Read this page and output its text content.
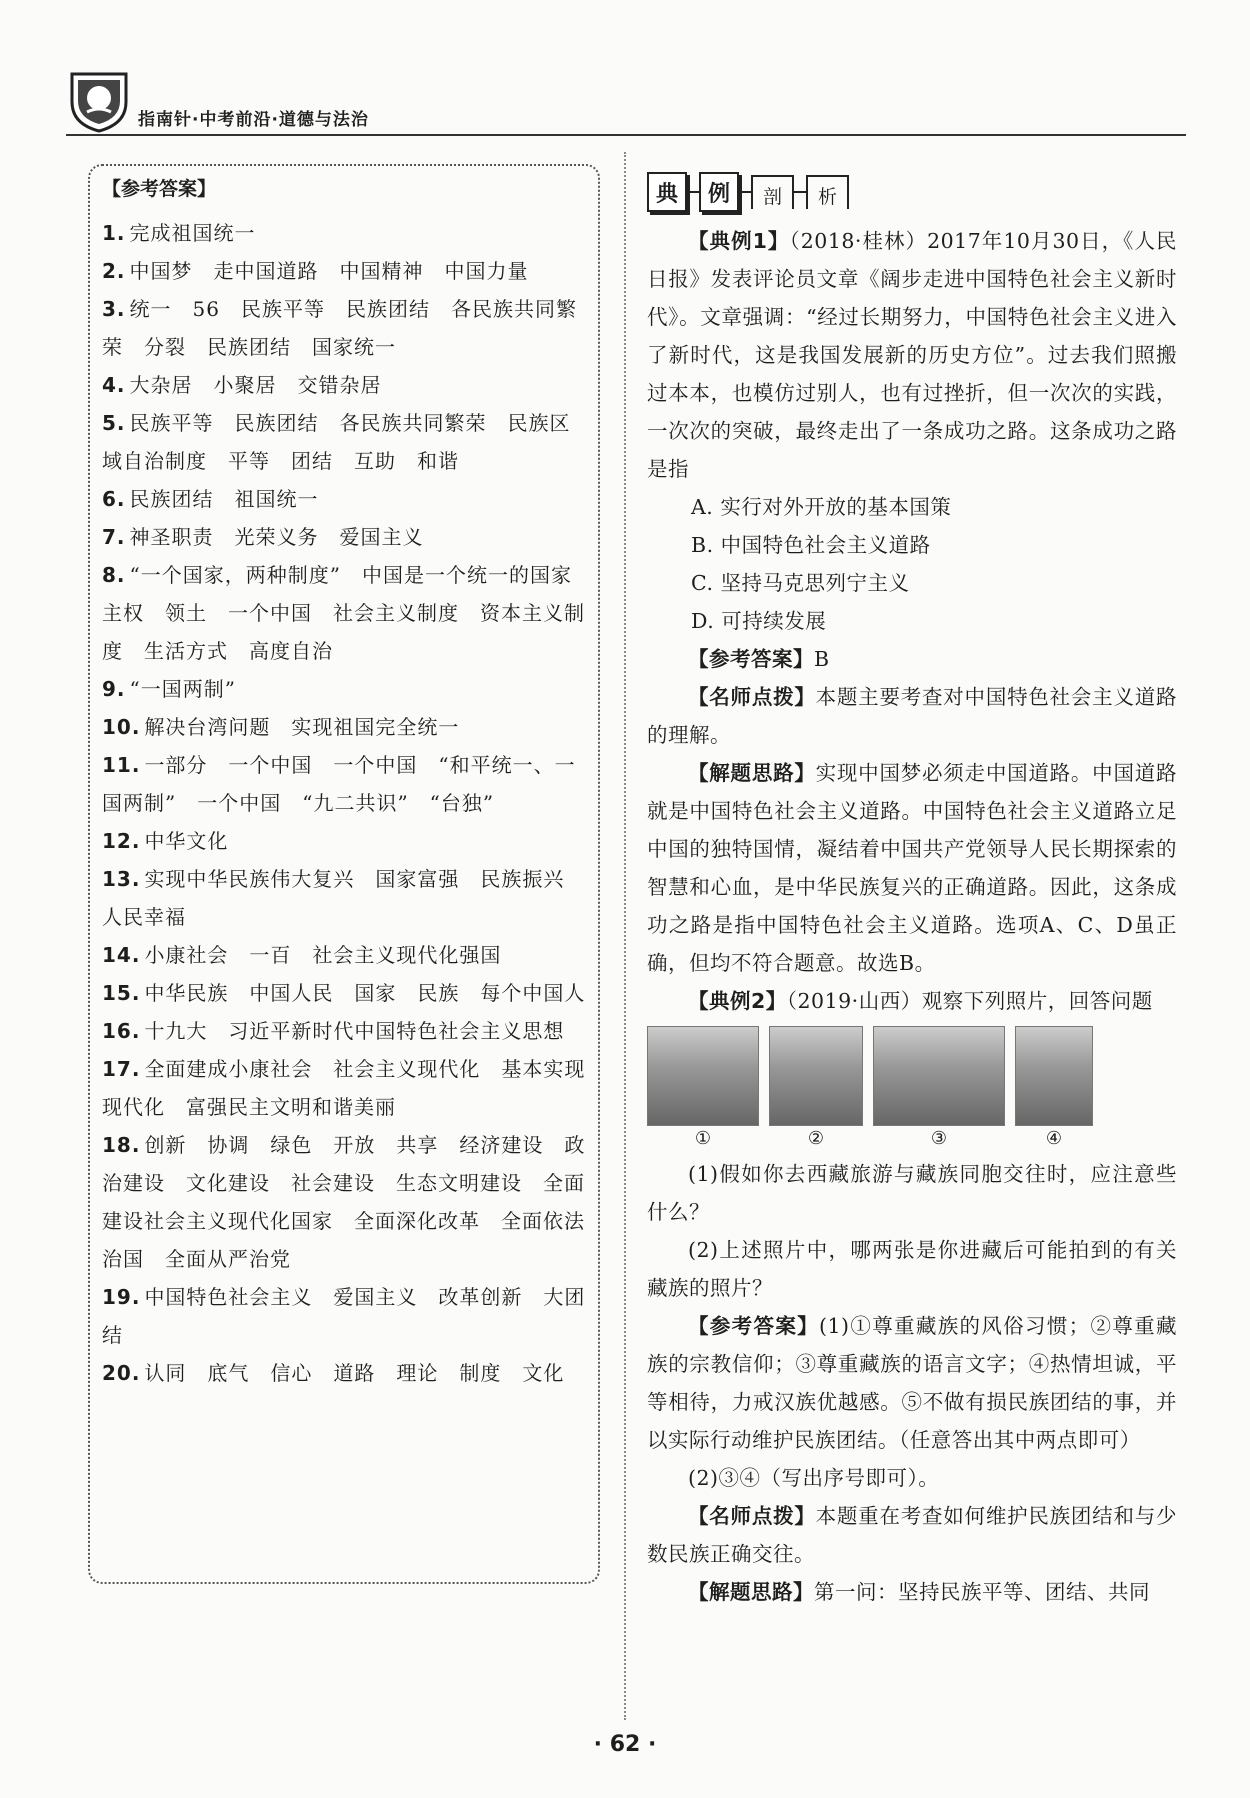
指南针·中考前沿·道德与法治
【参考答案】
1. 完成祖国统一
2. 中国梦　走中国道路　中国精神　中国力量
3. 统一　56　民族平等　民族团结　各民族共同繁荣　分裂　民族团结　国家统一
4. 大杂居　小聚居　交错杂居
5. 民族平等　民族团结　各民族共同繁荣　民族区域自治制度　平等　团结　互助　和谐
6. 民族团结　祖国统一
7. 神圣职责　光荣义务　爱国主义
8. “一个国家，两种制度”　中国是一个统一的国家　主权　领土　一个中国　社会主义制度　资本主义制度　生活方式　高度自治
9. “一国两制”
10. 解决台湾问题　实现祖国完全统一
11. 一部分　一个中国　一个中国　“和平统一、一国两制”　一个中国　“九二共识”　“台独”
12. 中华文化
13. 实现中华民族伟大复兴　国家富强　民族振兴　人民幸福
14. 小康社会　一百　社会主义现代化强国
15. 中华民族　中国人民　国家　民族　每个中国人
16. 十九大　习近平新时代中国特色社会主义思想
17. 全面建成小康社会　社会主义现代化　基本实现现代化　富强民主文明和谐美丽
18. 创新　协调　绿色　开放　共享　经济建设　政治建设　文化建设　社会建设　生态文明建设　全面建设社会主义现代化国家　全面深化改革　全面依法治国　全面从严治党
19. 中国特色社会主义　爱国主义　改革创新　大团结
20. 认同　底气　信心　道路　理论　制度　文化
典	例	剖	析

【典例1】（2018·桂林）2017年10月30日，《人民日报》发表评论员文章《阔步走进中国特色社会主义新时代》。文章强调：“经过长期努力，中国特色社会主义进入了新时代，这是我国发展新的历史方位”。过去我们照搬过本本，也模仿过别人，也有过挫折，但一次次的实践，一次次的突破，最终走出了一条成功之路。这条成功之路是指

A. 实行对外开放的基本国策

B. 中国特色社会主义道路

C. 坚持马克思列宁主义

D. 可持续发展

【参考答案】B

【名师点拨】本题主要考查对中国特色社会主义道路的理解。

【解题思路】实现中国梦必须走中国道路。中国道路就是中国特色社会主义道路。中国特色社会主义道路立足中国的独特国情，凝结着中国共产党领导人民长期探索的智慧和心血，是中华民族复兴的正确道路。因此，这条成功之路是指中国特色社会主义道路。选项A、C、D虽正确，但均不符合题意。故选B。

【典例2】（2019·山西）观察下列照片，回答问题

①	②	③	④

(1)假如你去西藏旅游与藏族同胞交往时，应注意些什么？

(2)上述照片中，哪两张是你进藏后可能拍到的有关藏族的照片？

【参考答案】(1)①尊重藏族的风俗习惯；②尊重藏族的宗教信仰；③尊重藏族的语言文字；④热情坦诚，平等相待，力戒汉族优越感。⑤不做有损民族团结的事，并以实际行动维护民族团结。（任意答出其中两点即可）

(2)③④（写出序号即可）。

【名师点拨】本题重在考查如何维护民族团结和与少数民族正确交往。

【解题思路】第一问：坚持民族平等、团结、共同

· 62 ·
